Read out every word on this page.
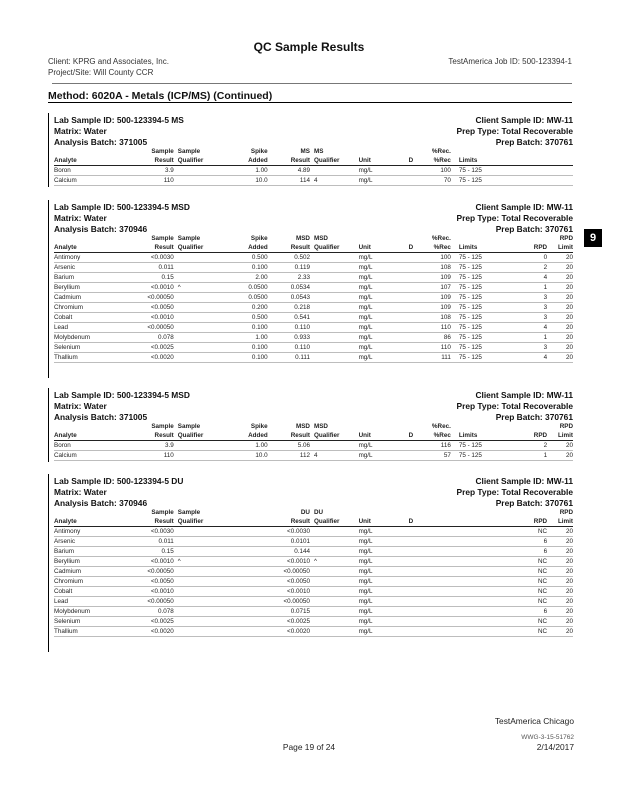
QC Sample Results
Client: KPRG and Associates, Inc.
Project/Site: Will County CCR
TestAmerica Job ID: 500-123394-1
Method: 6020A - Metals (ICP/MS) (Continued)
9
Lab Sample ID: 500-123394-5 MS
Matrix: Water
Analysis Batch: 371005
Client Sample ID: MW-11
Prep Type: Total Recoverable
Prep Batch: 370761
	Sample	Sample	Spike	MS	MS			%Rec.			
Analyte	Result	Qualifier	Added	Result	Qualifier	Unit	D	%Rec	Limits		
Boron	3.9		1.00	4.89		mg/L		100	75 - 125		
Calcium	110		10.0	114	4	mg/L		70	75 - 125		
Lab Sample ID: 500-123394-5 MSD
Matrix: Water
Analysis Batch: 370946
Client Sample ID: MW-11
Prep Type: Total Recoverable
Prep Batch: 370761
	Sample	Sample	Spike	MSD	MSD			%Rec.			RPD
Analyte	Result	Qualifier	Added	Result	Qualifier	Unit	D	%Rec	Limits	RPD	Limit
Antimony	<0.0030		0.500	0.502		mg/L		100	75 - 125	0	20
Arsenic	0.011		0.100	0.119		mg/L		108	75 - 125	2	20
Barium	0.15		2.00	2.33		mg/L		109	75 - 125	4	20
Beryllium	<0.0010	^	0.0500	0.0534		mg/L		107	75 - 125	1	20
Cadmium	<0.00050		0.0500	0.0543		mg/L		109	75 - 125	3	20
Chromium	<0.0050		0.200	0.218		mg/L		109	75 - 125	3	20
Cobalt	<0.0010		0.500	0.541		mg/L		108	75 - 125	3	20
Lead	<0.00050		0.100	0.110		mg/L		110	75 - 125	4	20
Molybdenum	0.078		1.00	0.933		mg/L		86	75 - 125	1	20
Selenium	<0.0025		0.100	0.110		mg/L		110	75 - 125	3	20
Thallium	<0.0020		0.100	0.111		mg/L		111	75 - 125	4	20
Lab Sample ID: 500-123394-5 MSD
Matrix: Water
Analysis Batch: 371005
Client Sample ID: MW-11
Prep Type: Total Recoverable
Prep Batch: 370761
	Sample	Sample	Spike	MSD	MSD			%Rec.			RPD
Analyte	Result	Qualifier	Added	Result	Qualifier	Unit	D	%Rec	Limits	RPD	Limit
Boron	3.9		1.00	5.06		mg/L		116	75 - 125	2	20
Calcium	110		10.0	112	4	mg/L		57	75 - 125	1	20
Lab Sample ID: 500-123394-5 DU
Matrix: Water
Analysis Batch: 370946
Client Sample ID: MW-11
Prep Type: Total Recoverable
Prep Batch: 370761
	Sample	Sample		DU	DU						RPD
Analyte	Result	Qualifier		Result	Qualifier	Unit	D			RPD	Limit
Antimony	<0.0030			<0.0030		mg/L				NC	20
Arsenic	0.011			0.0101		mg/L				6	20
Barium	0.15			0.144		mg/L				6	20
Beryllium	<0.0010	^		<0.0010	^	mg/L				NC	20
Cadmium	<0.00050			<0.00050		mg/L				NC	20
Chromium	<0.0050			<0.0050		mg/L				NC	20
Cobalt	<0.0010			<0.0010		mg/L				NC	20
Lead	<0.00050			<0.00050		mg/L				NC	20
Molybdenum	0.078			0.0715		mg/L				6	20
Selenium	<0.0025			<0.0025		mg/L				NC	20
Thallium	<0.0020			<0.0020		mg/L				NC	20
TestAmerica Chicago
Page 19 of 24
WWG-3-15-51762
2/14/2017
